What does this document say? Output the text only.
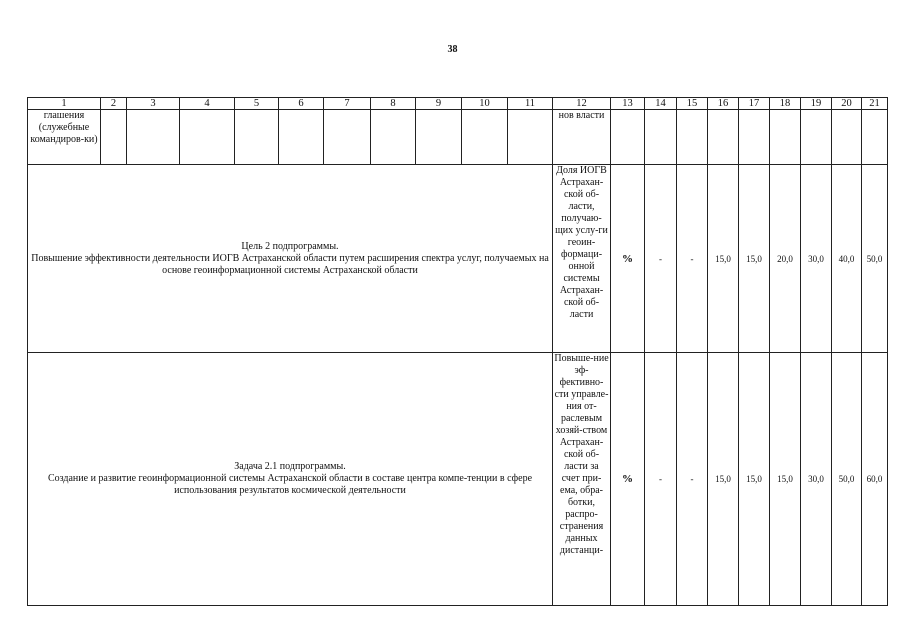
38
1	2	3	4	5	6	7	8	9	10	11	12	13	14	15	16	17	18	19	20	21
глашения (служебные командиров-ки)											нов власти									

Цель 2 подпрограммы.
Повышение эффективности деятельности ИОГВ Астраханской области путем расширения спектра услуг, получаемых на основе геоинформационной системы Астраханской области											Доля ИОГВ Астрахан-ской об-ласти, получаю-щих услу-ги геоин-формаци-онной системы Астрахан-ской об-ласти	%	-	-	15,0	15,0	20,0	30,0	40,0	50,0

Задача 2.1 подпрограммы.
Создание и развитие геоинформационной системы Астраханской области в составе центра компе-тенции в сфере использования результатов космической деятельности											Повыше-ние эф-фективно-сти управле-ния от-раслевым хозяй-ством Астрахан-ской об-ласти за счет при-ема, обра-ботки, распро-странения данных дистанци-	%	-	-	15,0	15,0	15,0	30,0	50,0	60,0
